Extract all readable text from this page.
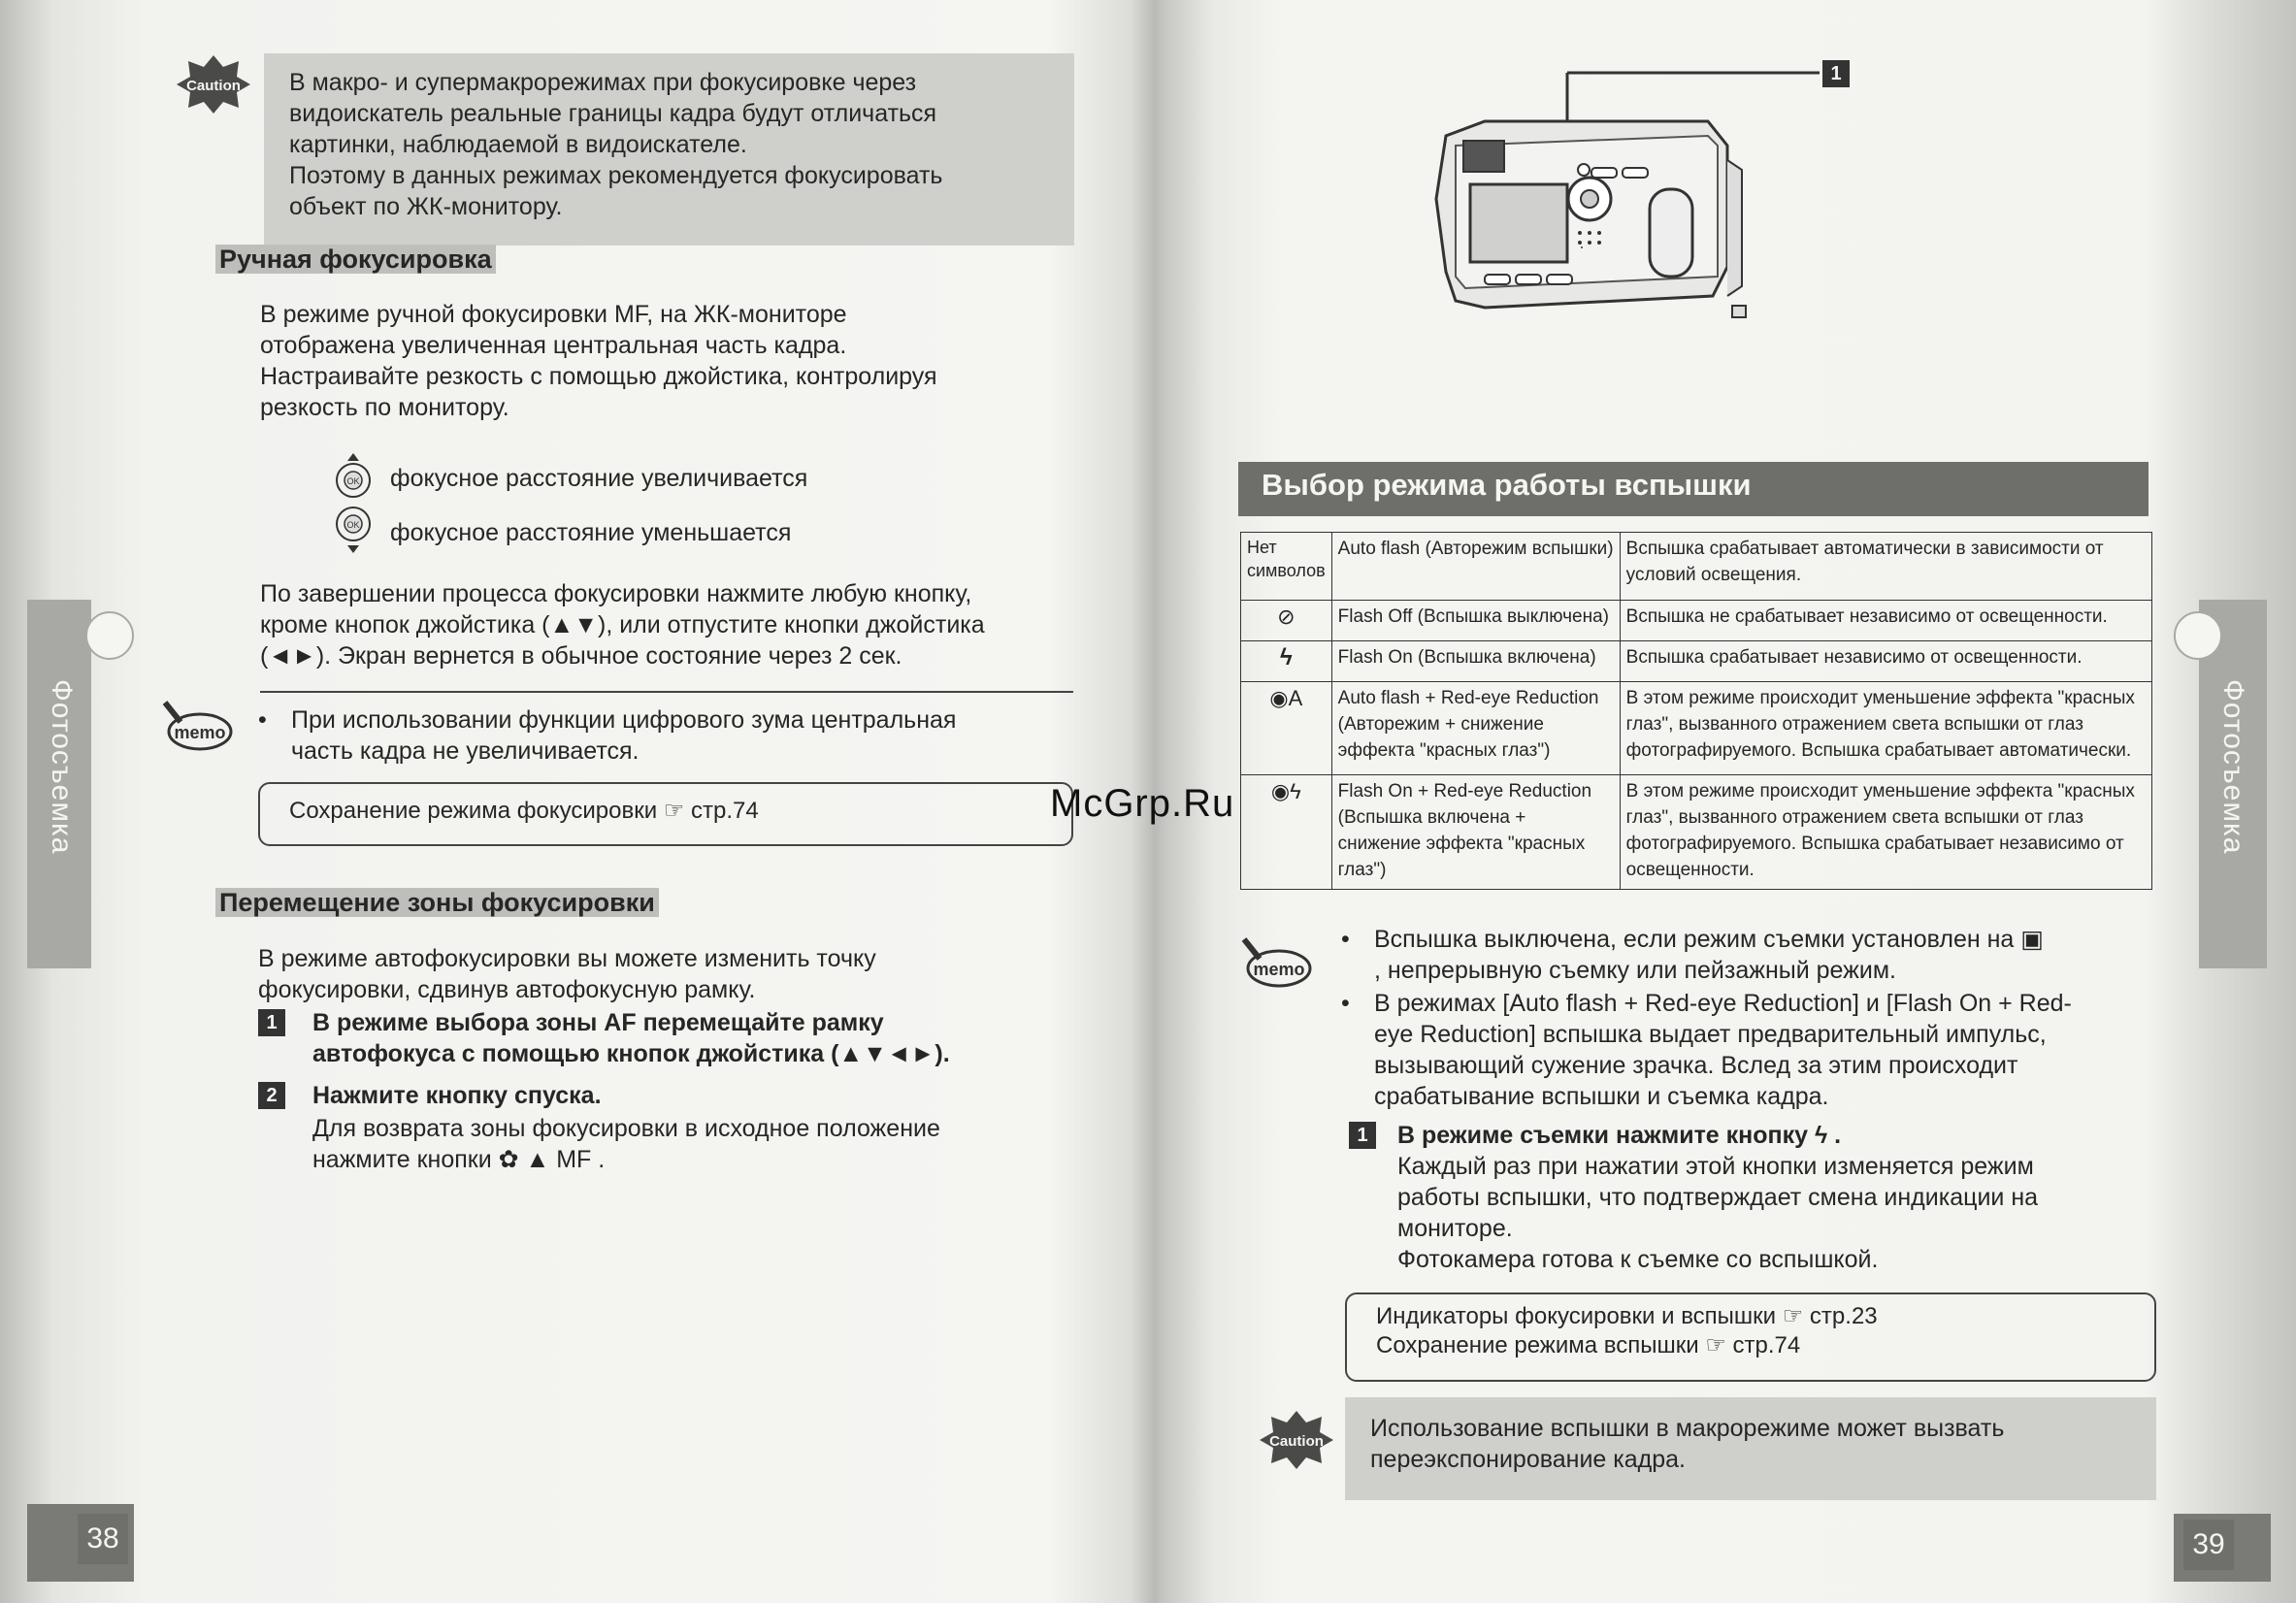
Фотосъемка
38
Caution В макро- и супермакрорежимах при фокусировке через
видоискатель реальные границы кадра будут отличаться
картинки, наблюдаемой в видоискателе.
Поэтому в данных режимах рекомендуется фокусировать
объект по ЖК-монитору.
Ручная фокусировка
В режиме ручной фокусировки MF, на ЖК-мониторе
отображена увеличенная центральная часть кадра.
Настраивайте резкость с помощью джойстика, контролируя
резкость по монитору.
OK фокусное расстояние увеличивается
OK фокусное расстояние уменьшается
По завершении процесса фокусировки нажмите любую кнопку,
кроме кнопок джойстика (▲▼), или отпустите кнопки джойстика
(◄►). Экран вернется в обычное состояние через 2 сек.
memo • При использовании функции цифрового зума центральная
часть кадра не увеличивается.
Сохранение режима фокусировки ☞ стр.74
Перемещение зоны фокусировки
В режиме автофокусировки вы можете изменить точку
фокусировки, сдвинув автофокусную рамку.
1	В режиме выбора зоны AF перемещайте рамку
автофокуса с помощью кнопок джойстика (▲▼◄►).
2	Нажмите кнопку спуска.
Для возврата зоны фокусировки в исходное положение
нажмите кнопки ✿ ▲ MF .
Фотосъемка
39
1
Выбор режима работы вспышки
Нет символов	Auto flash (Авторежим вспышки)	Вспышка срабатывает автоматически в зависимости от условий освещения.
⊘	Flash Off (Вспышка выключена)	Вспышка не срабатывает независимо от освещенности.
ϟ	Flash On (Вспышка включена)	Вспышка срабатывает независимо от освещенности.
◉A	Auto flash + Red-eye Reduction (Авторежим + снижение эффекта "красных глаз")	В этом режиме происходит уменьшение эффекта "красных глаз", вызванного отражением света вспышки от глаз фотографируемого. Вспышка срабатывает автоматически.
◉ϟ	Flash On + Red-eye Reduction (Вспышка включена + снижение эффекта "красных глаз")	В этом режиме происходит уменьшение эффекта "красных глаз", вызванного отражением света вспышки от глаз фотографируемого. Вспышка срабатывает независимо от освещенности.
memo
• Вспышка выключена, если режим съемки установлен на ▣
, непрерывную съемку или пейзажный режим.
• В режимах [Auto flash + Red-eye Reduction] и [Flash On + Red-
eye Reduction] вспышка выдает предварительный импульс,
вызывающий сужение зрачка. Вслед за этим происходит
срабатывание вспышки и съемка кадра.
1	В режиме съемки нажмите кнопку ϟ .
Каждый раз при нажатии этой кнопки изменяется режим
работы вспышки, что подтверждает смена индикации на
мониторе.
Фотокамера готова к съемке со вспышкой.
Индикаторы фокусировки и вспышки ☞ стр.23
Сохранение режима вспышки ☞ стр.74
Caution Использование вспышки в макрорежиме может вызвать
переэкспонирование кадра.
McGrp.Ru
